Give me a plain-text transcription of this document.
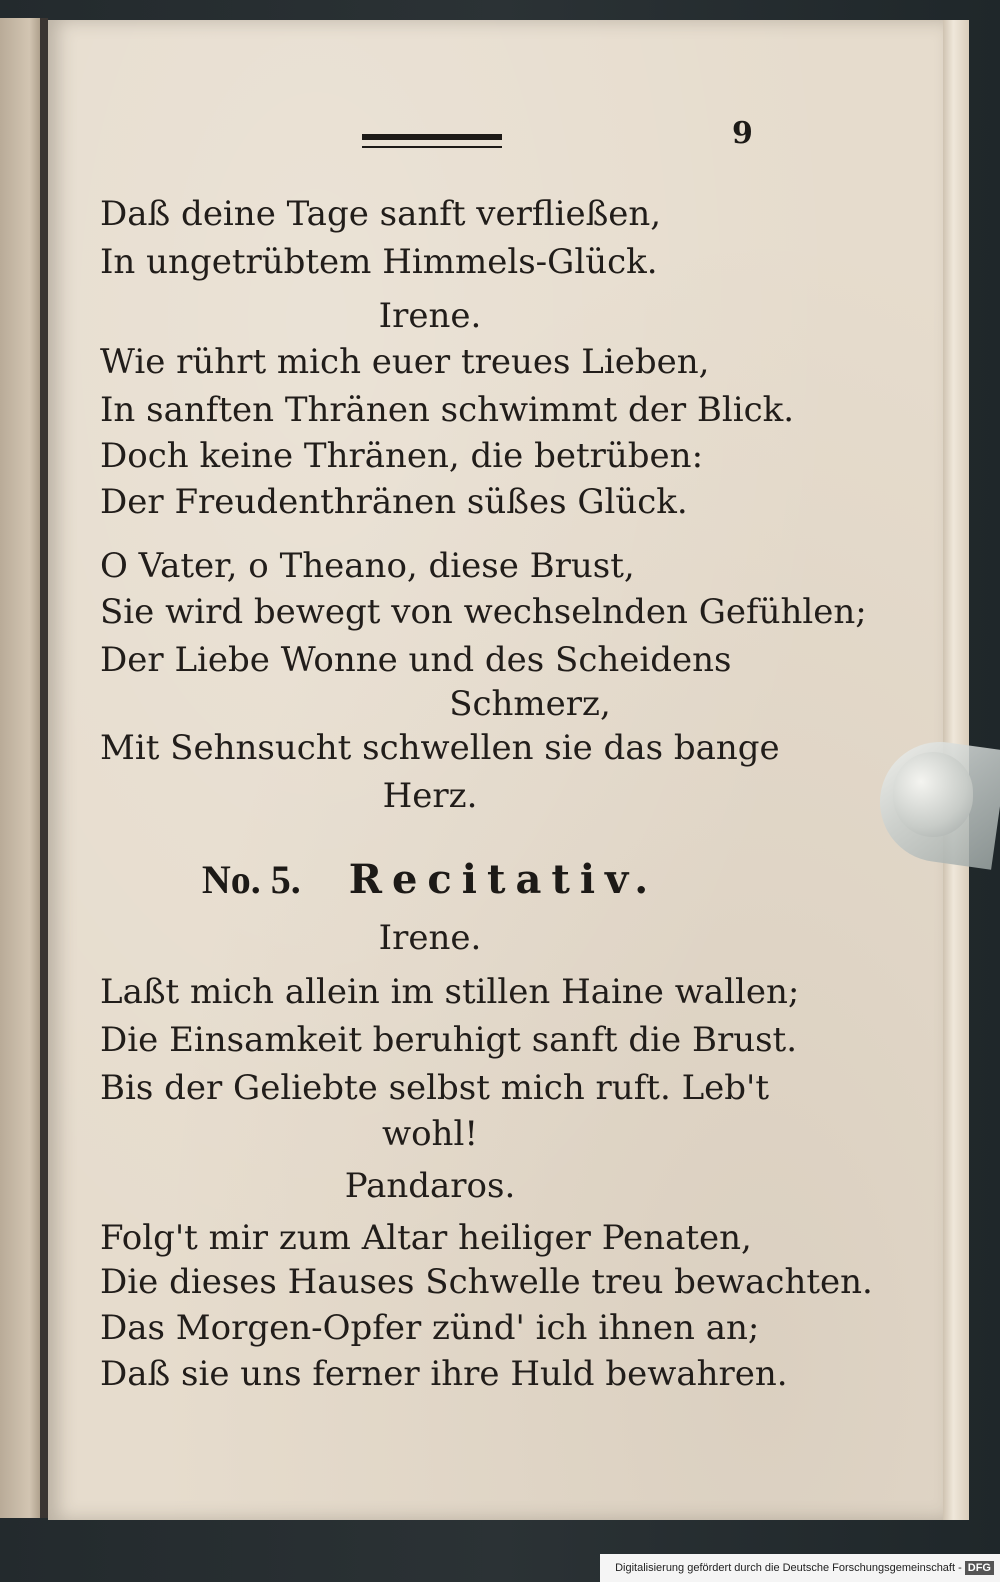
9
Daß deine Tage sanft verfließen,
In ungetrübtem Himmels-Glück.
Irene.
Wie rührt mich euer treues Lieben,
In sanften Thränen schwimmt der Blick.
Doch keine Thränen, die betrüben:
Der Freudenthränen süßes Glück.
O Vater, o Theano, diese Brust,
Sie wird bewegt von wechselnden Gefühlen;
Der Liebe Wonne und des Scheidens
Schmerz,
Mit Sehnsucht schwellen sie das bange
Herz.
No. 5. Recitativ.
Irene.
Laßt mich allein im stillen Haine wallen;
Die Einsamkeit beruhigt sanft die Brust.
Bis der Geliebte selbst mich ruft. Leb't
wohl!
Pandaros.
Folg't mir zum Altar heiliger Penaten,
Die dieses Hauses Schwelle treu bewachten.
Das Morgen-Opfer zünd' ich ihnen an;
Daß sie uns ferner ihre Huld bewahren.
Digitalisierung gefördert durch die Deutsche Forschungsgemeinschaft - DFG
